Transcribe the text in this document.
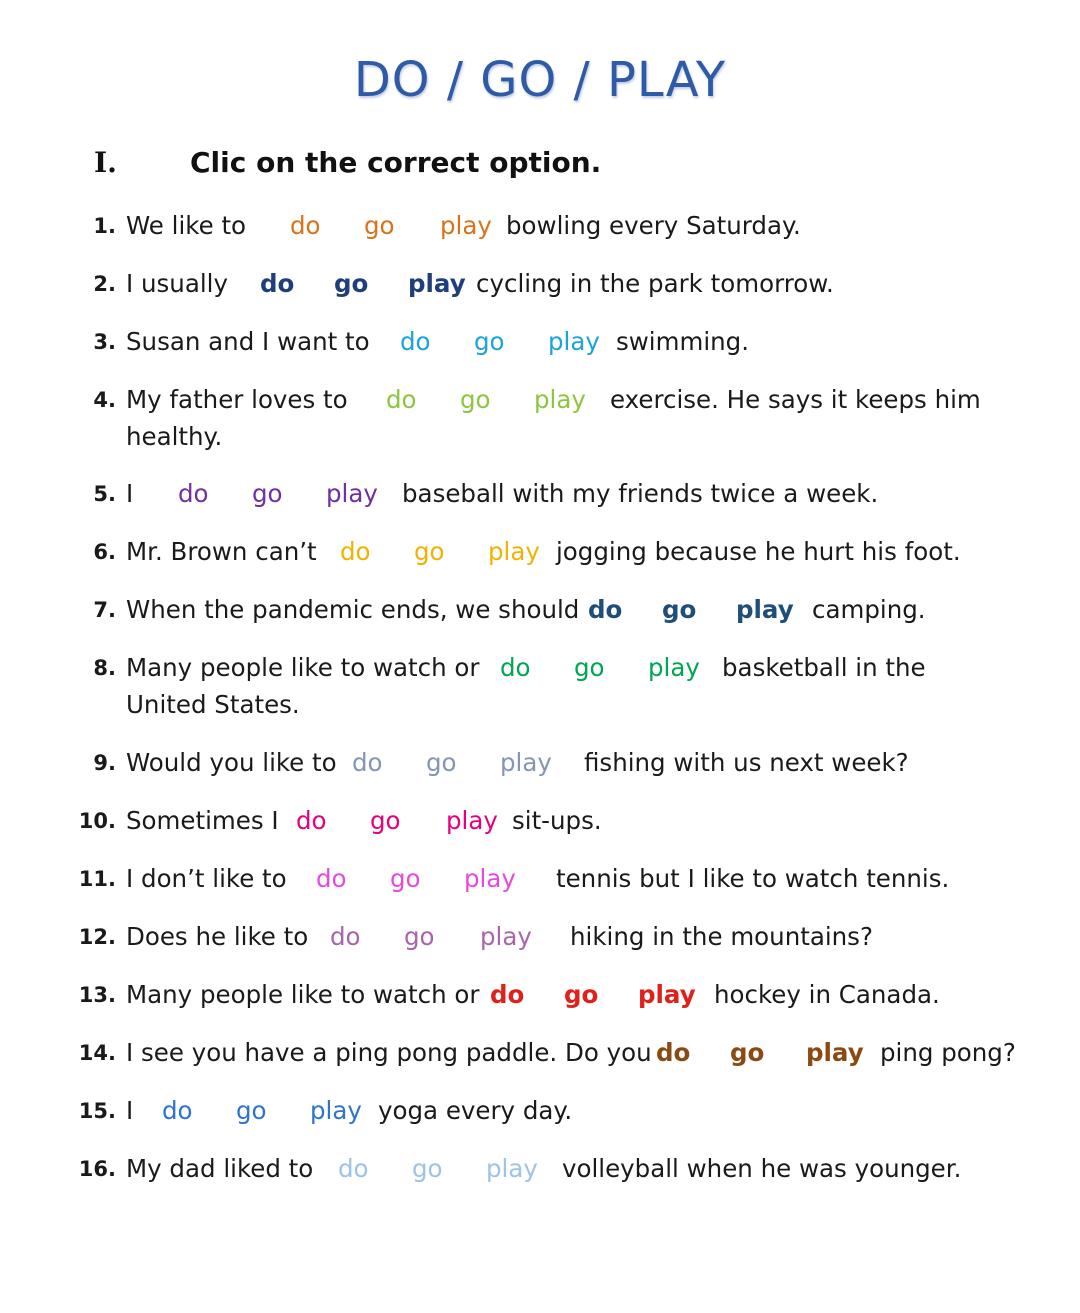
DO / GO / PLAY
I.	Clic on the correct option.
1. We like to do go play bowling every Saturday.
2. I usually do go play cycling in the park tomorrow.
3. Susan and I want to do go play swimming.
4. My father loves to do go play exercise. He says it keeps him
healthy.
5. I do go play baseball with my friends twice a week.
6. Mr. Brown can’t do go play jogging because he hurt his foot.
7. When the pandemic ends, we should do go play camping.
8. Many people like to watch or do go play basketball in the
United States.
9. Would you like to do go play fishing with us next week?
10. Sometimes I do go play sit-ups.
11. I don’t like to do go play tennis but I like to watch tennis.
12. Does he like to do go play hiking in the mountains?
13. Many people like to watch or do go play hockey in Canada.
14. I see you have a ping pong paddle. Do you do go play ping pong?
15. I do go play yoga every day.
16. My dad liked to do go play volleyball when he was younger.
